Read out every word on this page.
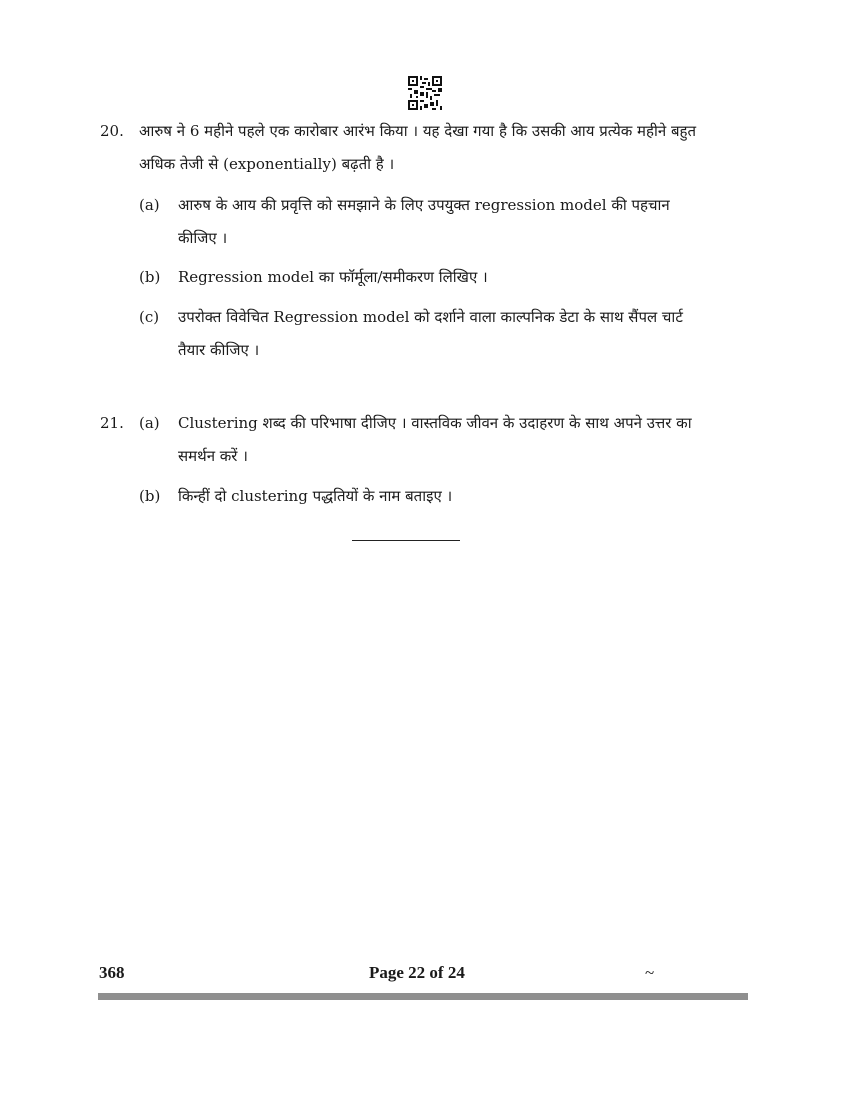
20. आरुष ने 6 महीने पहले एक कारोबार आरंभ किया । यह देखा गया है कि उसकी आय प्रत्येक महीने बहुत
अधिक तेजी से (exponentially) बढ़ती है ।
(a) आरुष के आय की प्रवृत्ति को समझाने के लिए उपयुक्त regression model की पहचान
कीजिए ।
(b) Regression model का फॉर्मूला/समीकरण लिखिए ।
(c) उपरोक्त विवेचित Regression model को दर्शाने वाला काल्पनिक डेटा के साथ सैंपल चार्ट
तैयार कीजिए ।
21. (a) Clustering शब्द की परिभाषा दीजिए । वास्तविक जीवन के उदाहरण के साथ अपने उत्तर का
समर्थन करें ।
(b) किन्हीं दो clustering पद्धतियों के नाम बताइए ।
368	Page 22 of 24	~
